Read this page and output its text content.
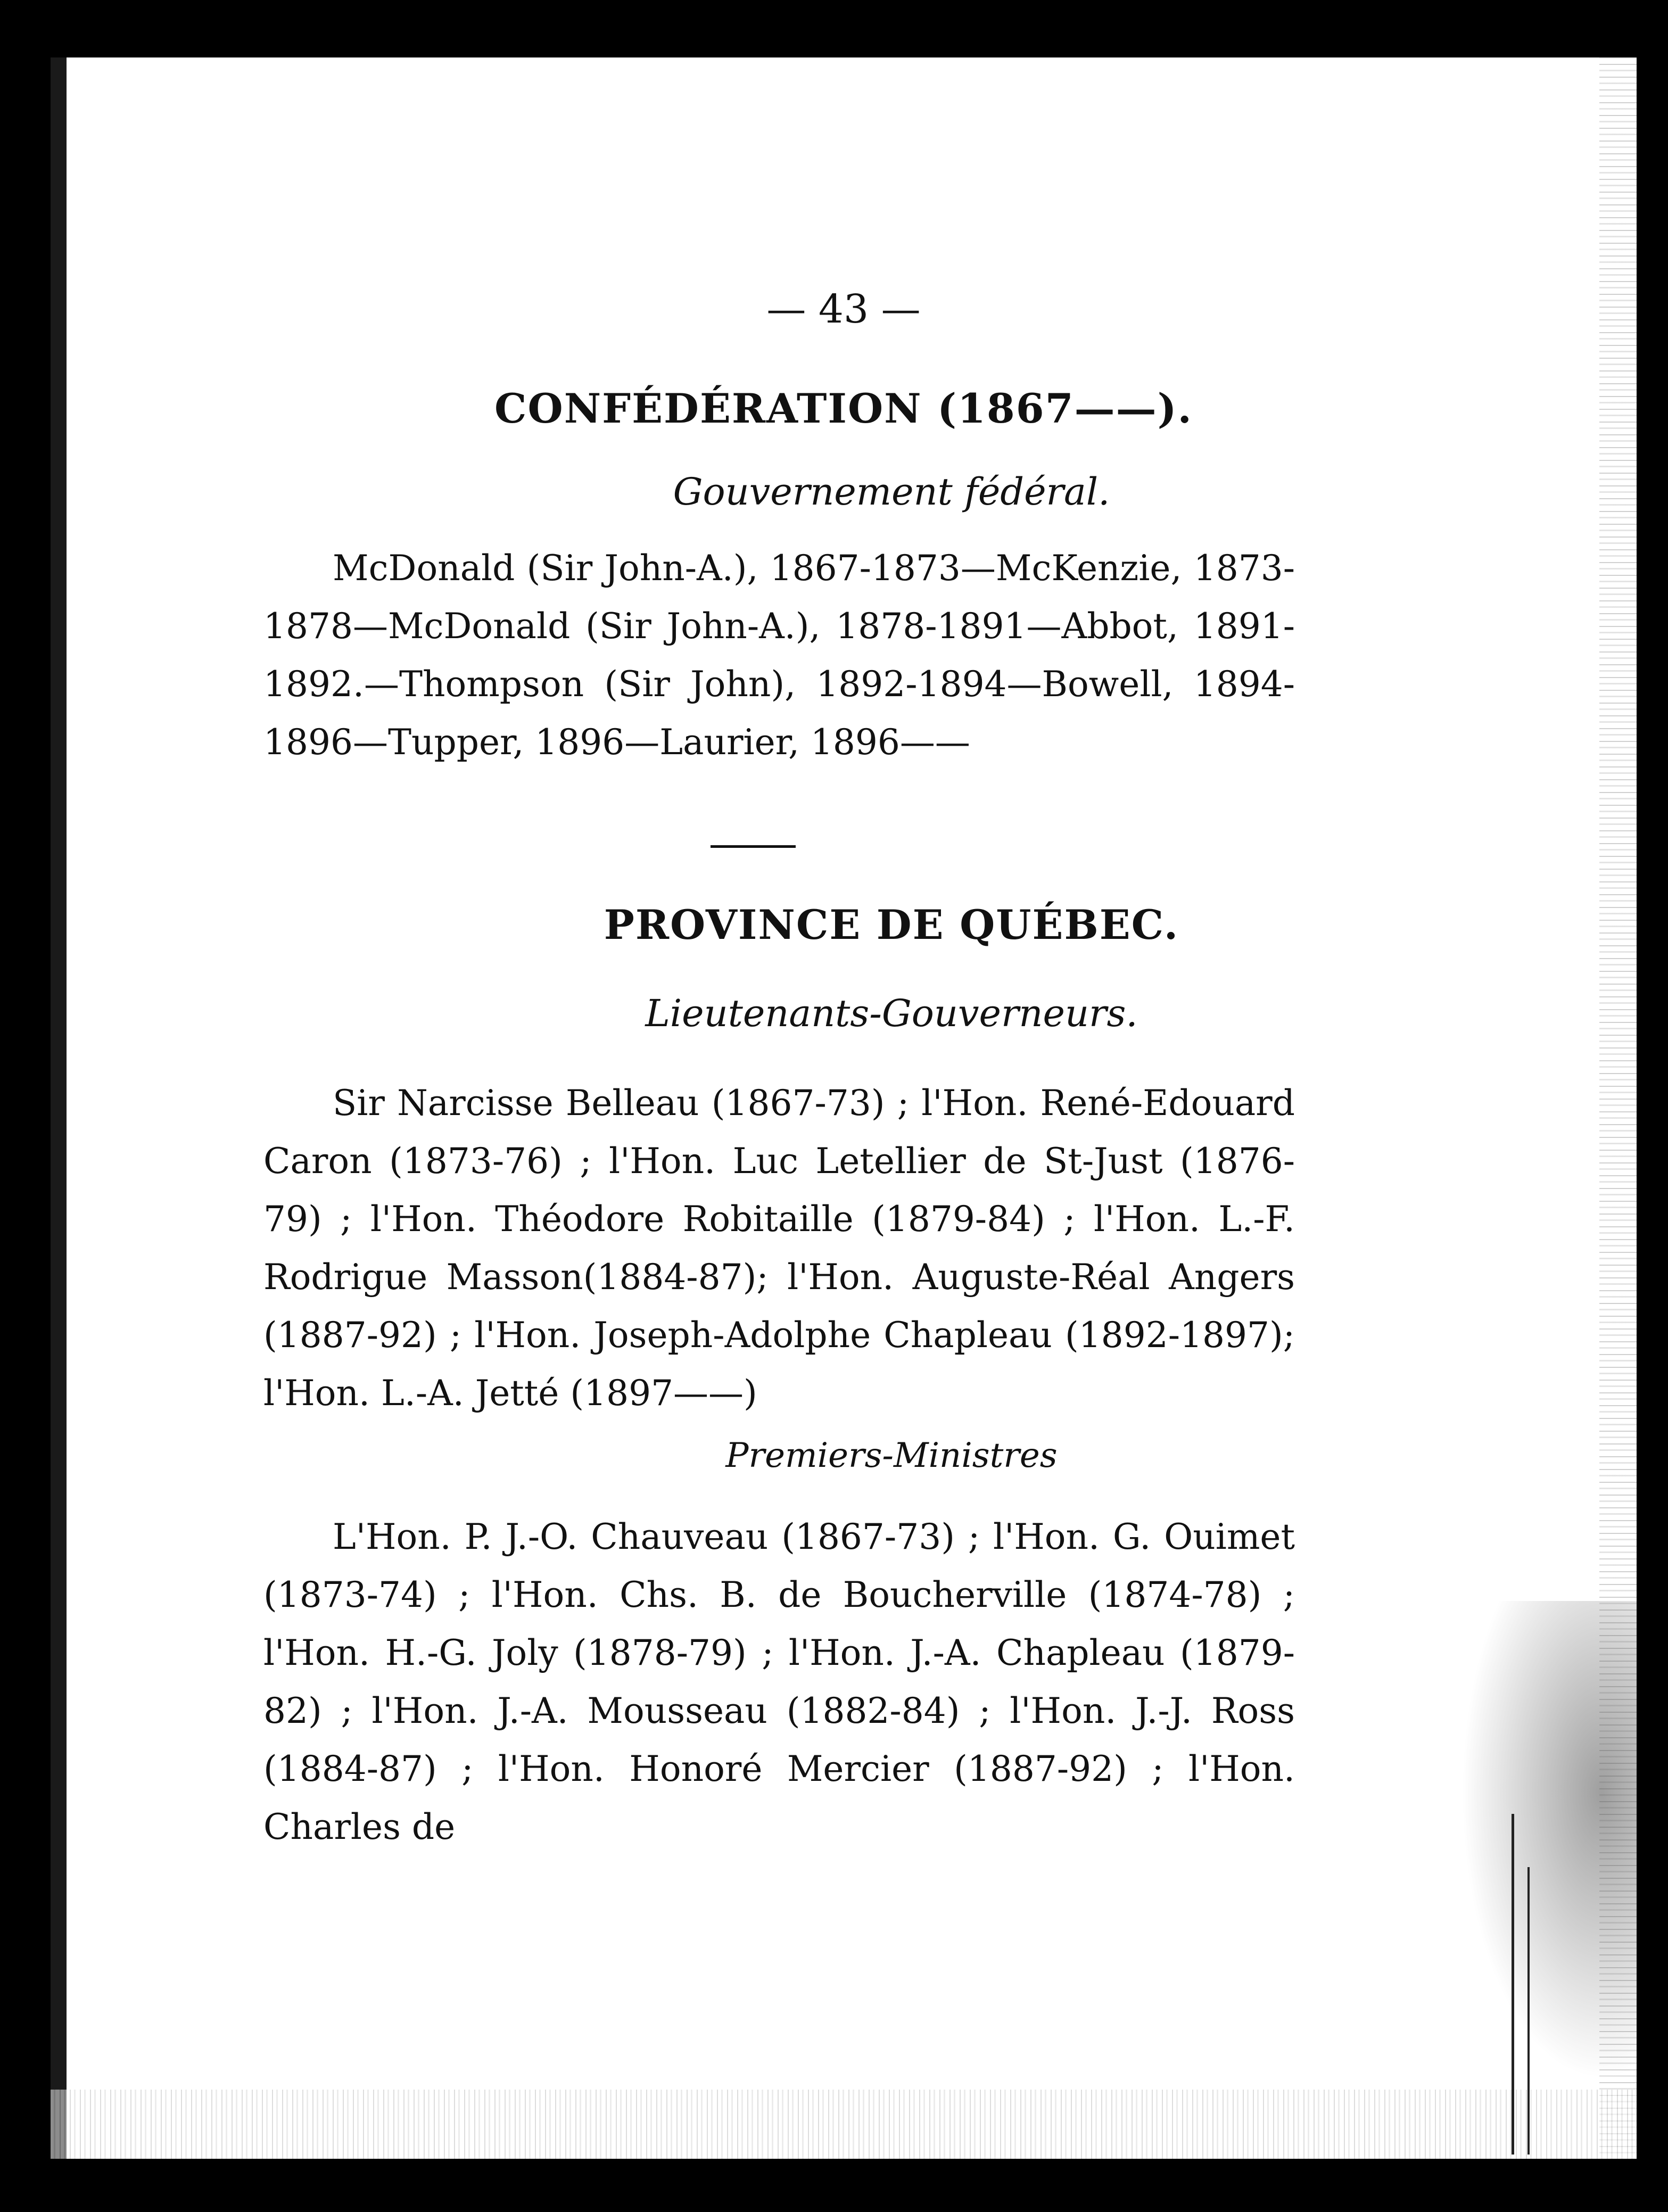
— 43 —
CONFÉDÉRATION (1867——).
Gouvernement fédéral.
McDonald (Sir John-A.), 1867-1873—McKenzie, 1873-1878—McDonald (Sir John-A.), 1878-1891—Abbot, 1891-1892.—Thompson (Sir John), 1892-1894—Bowell, 1894-1896—Tupper, 1896—Laurier, 1896——
PROVINCE DE QUÉBEC.
Lieutenants-Gouverneurs.
Sir Narcisse Belleau (1867-73) ; l'Hon. René-Edouard Caron (1873-76) ; l'Hon. Luc Letellier de St-Just (1876-79) ; l'Hon. Théodore Robitaille (1879-84) ; l'Hon. L.-F. Rodrigue Masson(1884-87); l'Hon. Auguste-Réal Angers (1887-92) ; l'Hon. Joseph-Adolphe Chapleau (1892-1897); l'Hon. L.-A. Jetté (1897——)
Premiers-Ministres
L'Hon. P. J.-O. Chauveau (1867-73) ; l'Hon. G. Ouimet (1873-74) ; l'Hon. Chs. B. de Boucherville (1874-78) ; l'Hon. H.-G. Joly (1878-79) ; l'Hon. J.-A. Chapleau (1879-82) ; l'Hon. J.-A. Mousseau (1882-84) ; l'Hon. J.-J. Ross (1884-87) ; l'Hon. Honoré Mercier (1887-92) ; l'Hon. Charles de
